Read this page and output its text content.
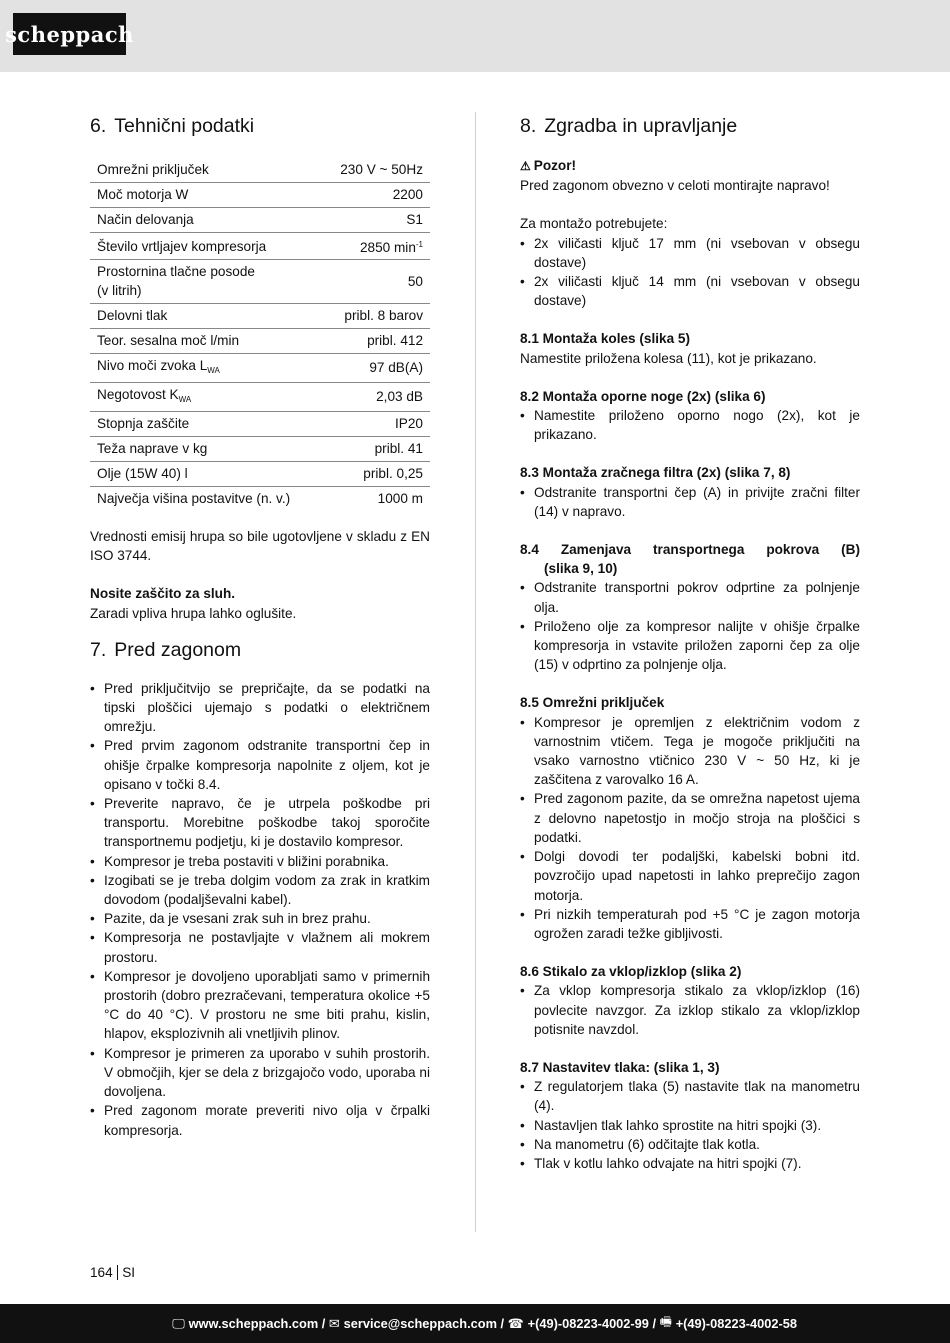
scheppach
6. Tehnični podatki
Omrežni priključek	230 V ~ 50Hz
Moč motorja W	2200
Način delovanja	S1
Število vrtljajev kompresorja	2850 $\min^{-1}$
Prostornina tlačne posode
(v litrih)	50
Delovni tlak	pribl. 8 barov
Teor. sesalna moč l/min	pribl. 412
Nivo moči zvoka $L_{WA}$	97 dB(A)
Negotovost $K_{WA}$	2,03 dB
Stopnja zaščite	IP20
Teža naprave v kg	pribl. 41
Olje (15W 40) l	pribl. 0,25
Največja višina postavitve (n. v.)	1000 m

Vrednosti emisij hrupa so bile ugotovljene v skladu z EN ISO 3744.

Nosite zaščito za sluh.

Zaradi vpliva hrupa lahko oglušite.

7. Pred zagonom
• Pred priključitvijo se prepričajte, da se podatki na tipski ploščici ujemajo s podatki o električnem omrežju.
• Pred prvim zagonom odstranite transportni čep in ohišje črpalke kompresorja napolnite z oljem, kot je opisano v točki 8.4.
• Preverite napravo, če je utrpela poškodbe pri transportu. Morebitne poškodbe takoj sporočite transportnemu podjetju, ki je dostavilo kompresor.
• Kompresor je treba postaviti v bližini porabnika.
• Izogibati se je treba dolgim vodom za zrak in kratkim dovodom (podaljševalni kabel).
• Pazite, da je vsesani zrak suh in brez prahu.
• Kompresorja ne postavljajte v vlažnem ali mokrem prostoru.
• Kompresor je dovoljeno uporabljati samo v primernih prostorih (dobro prezračevani, temperatura okolice +5 °C do 40 °C). V prostoru ne sme biti prahu, kislin, hlapov, eksplozivnih ali vnetljivih plinov.
• Kompresor je primeren za uporabo v suhih prostorih. V območjih, kjer se dela z brizgajočo vodo, uporaba ni dovoljena.
• Pred zagonom morate preveriti nivo olja v črpalki kompresorja.
8. Zgradba in upravljanje

⚠ Pozor!

Pred zagonom obvezno v celoti montirajte napravo!

Za montažo potrebujete:

• 2x viličasti ključ 17 mm (ni vsebovan v obsegu dostave)
• 2x viličasti ključ 14 mm (ni vsebovan v obsegu dostave)

8.1 Montaža koles (slika 5)

Namestite priložena kolesa (11), kot je prikazano.

8.2 Montaža oporne noge (2x) (slika 6)

• Namestite priloženo oporno nogo (2x), kot je prikazano.

8.3 Montaža zračnega filtra (2x) (slika 7, 8)

• Odstranite transportni čep (A) in privijte zračni filter (14) v napravo.

8.4 Zamenjava transportnega pokrova (B)

(slika 9, 10)

• Odstranite transportni pokrov odprtine za polnjenje olja.
• Priloženo olje za kompresor nalijte v ohišje črpalke kompresorja in vstavite priložen zaporni čep za olje (15) v odprtino za polnjenje olja.

8.5 Omrežni priključek

• Kompresor je opremljen z električnim vodom z varnostnim vtičem. Tega je mogoče priključiti na vsako varnostno vtičnico 230 V ~ 50 Hz, ki je zaščitena z varovalko 16 A.
• Pred zagonom pazite, da se omrežna napetost ujema z delovno napetostjo in močjo stroja na ploščici s podatki.
• Dolgi dovodi ter podaljški, kabelski bobni itd. povzročijo upad napetosti in lahko preprečijo zagon motorja.
• Pri nizkih temperaturah pod +5 °C je zagon motorja ogrožen zaradi težke gibljivosti.

8.6 Stikalo za vklop/izklop (slika 2)

• Za vklop kompresorja stikalo za vklop/izklop (16) povlecite navzgor. Za izklop stikalo za vklop/izklop potisnite navzdol.

8.7 Nastavitev tlaka: (slika 1, 3)

• Z regulatorjem tlaka (5) nastavite tlak na manometru (4).
• Nastavljen tlak lahko sprostite na hitri spojki (3).
• Na manometru (6) odčitajte tlak kotla.
• Tlak v kotlu lahko odvajate na hitri spojki (7).
164 SI
🖵 www.scheppach.com / ✉ service@scheppach.com / ☎ +(49)-08223-4002-99 / 🖷 +(49)-08223-4002-58
